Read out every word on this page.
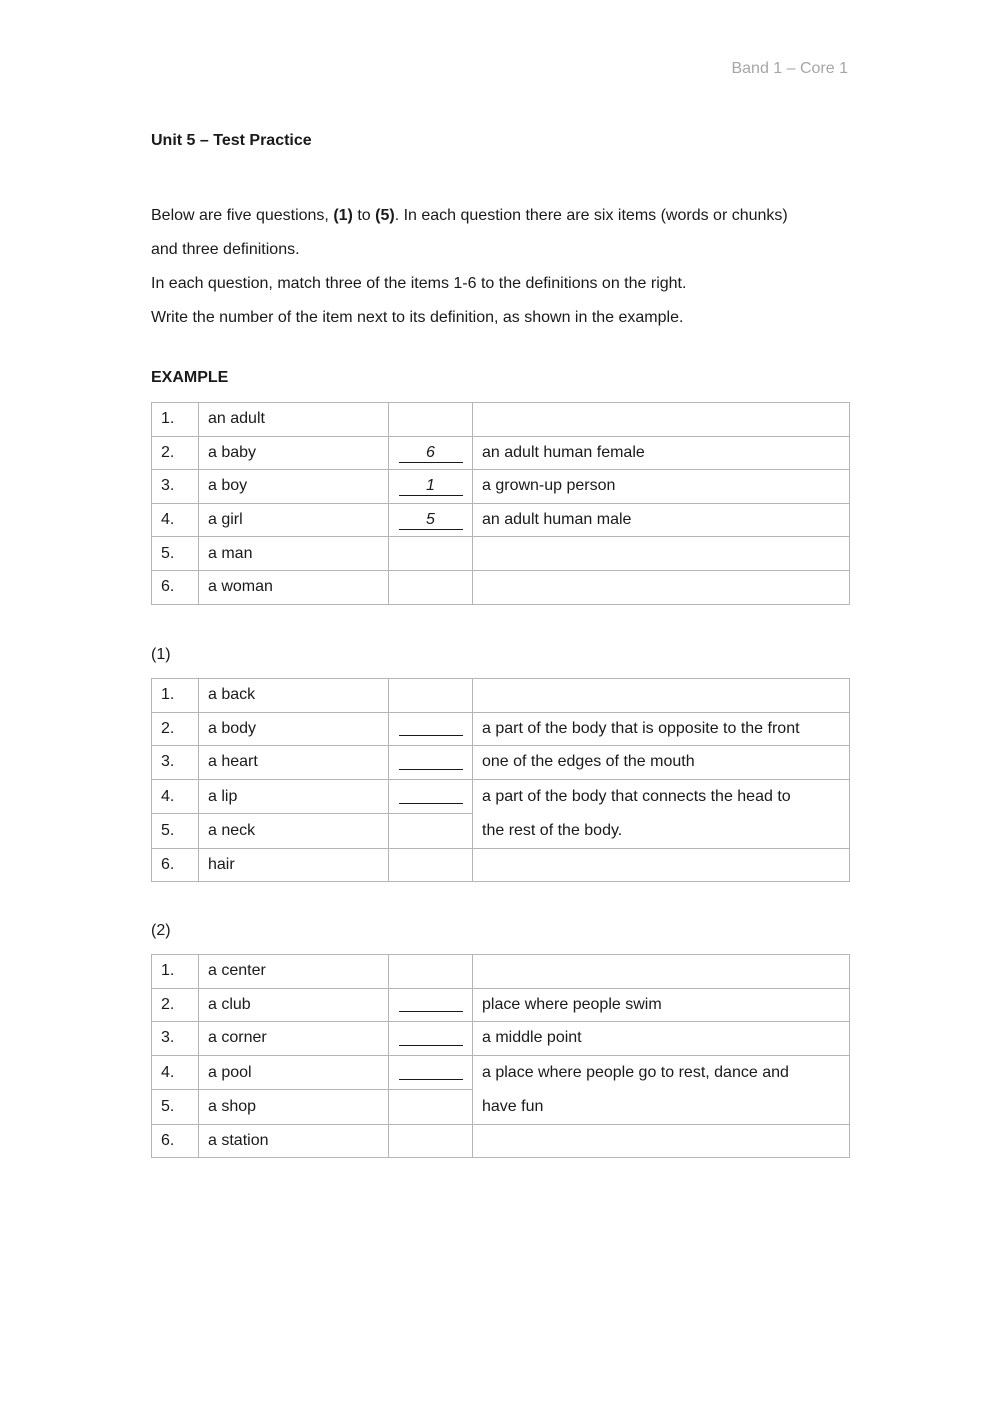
Band 1 – Core 1
Unit 5 – Test Practice

Below are five questions, (1) to (5). In each question there are six items (words or chunks)

and three definitions.

In each question, match three of the items 1-6 to the definitions on the right.

Write the number of the item next to its definition, as shown in the example.

EXAMPLE
1.	an adult		
2.	a baby	6	an adult human female
3.	a boy	1	a grown-up person
4.	a girl	5	an adult human male
5.	a man		
6.	a woman		
(1)
1.	a back		
2.	a body		a part of the body that is opposite to the front
3.	a heart		one of the edges of the mouth
4.	a lip		a part of the body that connects the head to
the rest of the body.
5.	a neck		
6.	hair		
(2)
1.	a center		
2.	a club		place where people swim
3.	a corner		a middle point
4.	a pool		a place where people go to rest, dance and
have fun
5.	a shop		
6.	a station		
